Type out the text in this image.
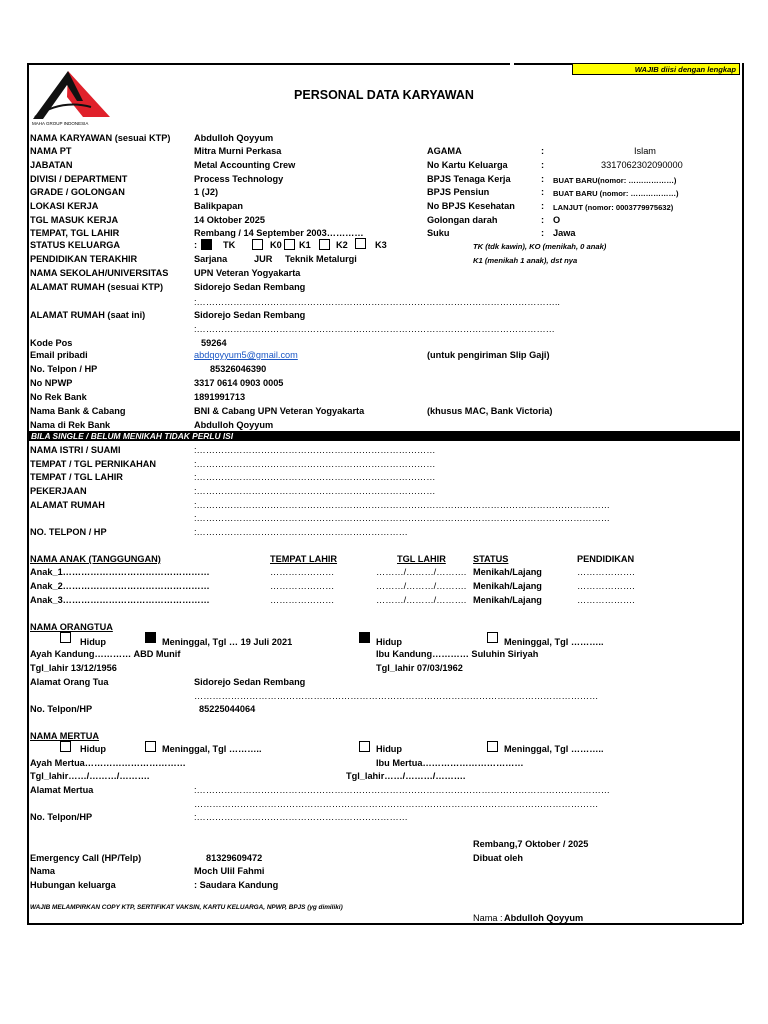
WAJIB diisi dengan lengkap
MAHA GROUP INDONESIA
PERSONAL DATA KARYAWAN
NAMA KARYAWAN (sesuai KTP)	Abdulloh Qoyyum
NAMA PT	Mitra Murni Perkasa
JABATAN	Metal Accounting Crew
DIVISI / DEPARTMENT	Process Technology
GRADE / GOLONGAN	1 (J2)
LOKASI KERJA	Balikpapan
TGL MASUK KERJA	14 Oktober 2025
TEMPAT, TGL LAHIR	Rembang / 14 September 2003…………
AGAMA	:	Islam
No Kartu Keluarga	:	3317062302090000
BPJS Tenaga Kerja	: BUAT BARU(nomor: ………………)
BPJS Pensiun	: BUAT BARU (nomor: ………………)
No BPJS Kesehatan	: LANJUT (nomor: 0003779975632)
Golongan darah	: O
Suku	: Jawa
STATUS KELUARGA	:	TK	K0 K1	K2	K3	TK (tdk kawin), KO (menikah, 0 anak)
K1 (menikah 1 anak), dst nya
PENDIDIKAN TERAKHIR	Sarjana	JUR Teknik Metalurgi
NAMA SEKOLAH/UNIVERSITAS	UPN Veteran Yogyakarta
ALAMAT RUMAH (sesuai KTP)	Sidorejo Sedan Rembang
:………………………………………………………………………………………………………..
ALAMAT RUMAH (saat ini)	Sidorejo Sedan Rembang
:………………………………………………………………………………………………………
Kode Pos	59264
Email pribadi	abdqoyyum5@gmail.com	(untuk pengiriman Slip Gaji)
No. Telpon / HP	85326046390
No NPWP	3317 0614 0903 0005
No Rek Bank	1891991713
Nama Bank & Cabang	BNI & Cabang UPN Veteran Yogyakarta	(khusus MAC, Bank Victoria)
Nama di Rek Bank	Abdulloh Qoyyum
BILA SINGLE / BELUM MENIKAH TIDAK PERLU ISI
NAMA ISTRI / SUAMI	:……………………………………………………………………
TEMPAT / TGL PERNIKAHAN	:……………………………………………………………………
TEMPAT / TGL LAHIR	:……………………………………………………………………
PEKERJAAN	:……………………………………………………………………
ALAMAT RUMAH	:………………………………………………………………………………………………………………………
:………………………………………………………………………………………………………………………
NO. TELPON / HP	:……………………………………………………………
NAMA ANAK (TANGGUNGAN)	TEMPAT LAHIR	TGL LAHIR	STATUS	PENDIDIKAN
Anak_1…………………………………………	…………………	………/………/………. Menikah/Lajang	……………….
Anak_2…………………………………………	…………………	………/………/………. Menikah/Lajang	……………….
Anak_3…………………………………………	…………………	………/………/………. Menikah/Lajang	……………….
NAMA ORANGTUA
Hidup	Meninggal, Tgl … 19 Juli 2021	Hidup	Meninggal, Tgl ………..
Ayah Kandung………… ABD Munif	Ibu Kandung………… Suluhin Siriyah
Tgl_lahir 13/12/1956	Tgl_lahir 07/03/1962
Alamat Orang Tua	Sidorejo Sedan Rembang
……………………………………………………………………………………………………………………
No. Telpon/HP	85225044064
NAMA MERTUA
Hidup	Meninggal, Tgl ………..	Hidup	Meninggal, Tgl ………..
Ayah Mertua……………………………	Ibu Mertua……………………………
Tgl_lahir……/………/……….	Tgl_lahir……/………/……….
Alamat Mertua	:………………………………………………………………………………………………………………………
……………………………………………………………………………………………………………………
No. Telpon/HP	:……………………………………………………………
Rembang,7 Oktober / 2025
Dibuat oleh
Nama : Abdulloh Qoyyum
Emergency Call (HP/Telp)	81329609472
Nama	Moch Ulil Fahmi
Hubungan keluarga	: Saudara Kandung
WAJIB MELAMPIRKAN COPY KTP, SERTIFIKAT VAKSIN, KARTU KELUARGA, NPWP, BPJS (yg dimiliki)
